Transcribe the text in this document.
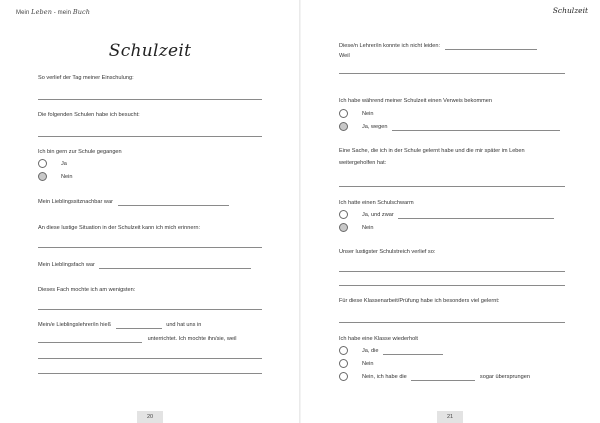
Mein Leben - mein Buch
Schulzeit
So verlief der Tag meiner Einschulung:
Die folgenden Schulen habe ich besucht:
Ich bin gern zur Schule gegangen
Ja
Nein
Mein Lieblingssitznachbar war
An diese lustige Situation in der Schulzeit kann ich mich erinnern:
Mein Lieblingsfach war
Dieses Fach mochte ich am wenigsten:
Mein/e Lieblingslehrer/in hieß	und hat uns in
unterrichtet. Ich mochte ihn/sie, weil
20
Schulzeit
Diese/n Lehrer/in konnte ich nicht leiden:
Weil
Ich habe während meiner Schulzeit einen Verweis bekommen
Nein
Ja, wegen
Eine Sache, die ich in der Schule gelernt habe und die mir später im Leben
weitergeholfen hat:
Ich hatte einen Schulschwarm
Ja, und zwar
Nein
Unser lustigster Schulstreich verlief so:
Für diese Klassenarbeit/Prüfung habe ich besonders viel gelernt:
Ich habe eine Klasse wiederholt
Ja, die
Nein
Nein, ich habe die	sogar übersprungen
21
